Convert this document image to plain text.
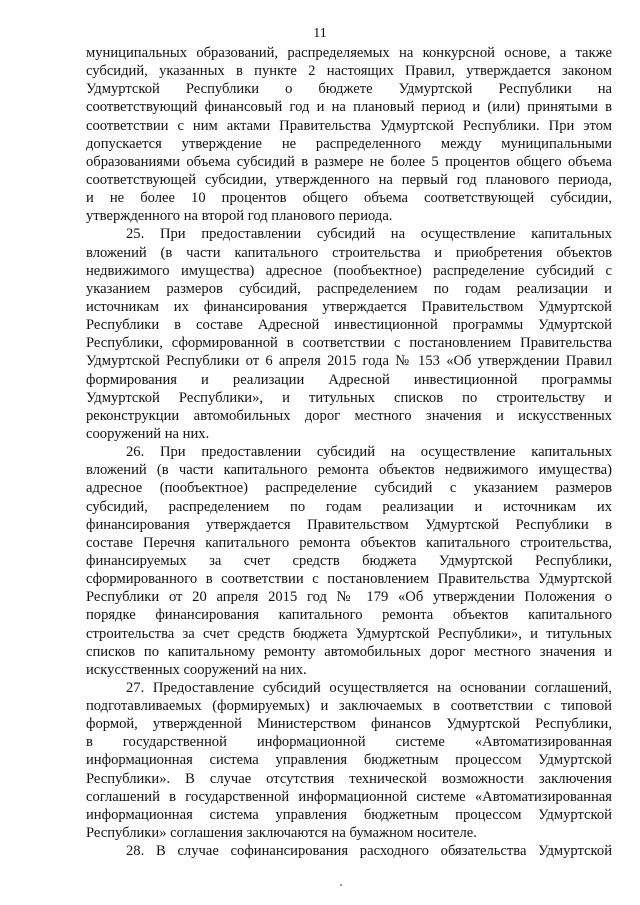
11
муниципальных образований, распределяемых на конкурсной основе, а также
субсидий, указанных в пункте 2 настоящих Правил, утверждается законом
Удмуртской Республики о бюджете Удмуртской Республики на
соответствующий финансовый год и на плановый период и (или) принятыми в
соответствии с ним актами Правительства Удмуртской Республики. При этом
допускается утверждение не распределенного между муниципальными
образованиями объема субсидий в размере не более 5 процентов общего объема
соответствующей субсидии, утвержденного на первый год планового периода,
и не более 10 процентов общего объема соответствующей субсидии,
утвержденного на второй год планового периода.
25. При предоставлении субсидий на осуществление капитальных
вложений (в части капитального строительства и приобретения объектов
недвижимого имущества) адресное (пообъектное) распределение субсидий с
указанием размеров субсидий, распределением по годам реализации и
источникам их финансирования утверждается Правительством Удмуртской
Республики в составе Адресной инвестиционной программы Удмуртской
Республики, сформированной в соответствии с постановлением Правительства
Удмуртской Республики от 6 апреля 2015 года № 153 «Об утверждении Правил
формирования и реализации Адресной инвестиционной программы
Удмуртской Республики», и титульных списков по строительству и
реконструкции автомобильных дорог местного значения и искусственных
сооружений на них.
26. При предоставлении субсидий на осуществление капитальных
вложений (в части капитального ремонта объектов недвижимого имущества)
адресное (пообъектное) распределение субсидий с указанием размеров
субсидий, распределением по годам реализации и источникам их
финансирования утверждается Правительством Удмуртской Республики в
составе Перечня капитального ремонта объектов капитального строительства,
финансируемых за счет средств бюджета Удмуртской Республики,
сформированного в соответствии с постановлением Правительства Удмуртской
Республики от 20 апреля 2015 год № 179 «Об утверждении Положения о
порядке финансирования капитального ремонта объектов капитального
строительства за счет средств бюджета Удмуртской Республики», и титульных
списков по капитальному ремонту автомобильных дорог местного значения и
искусственных сооружений на них.
27. Предоставление субсидий осуществляется на основании соглашений,
подготавливаемых (формируемых) и заключаемых в соответствии с типовой
формой, утвержденной Министерством финансов Удмуртской Республики,
в государственной информационной системе «Автоматизированная
информационная система управления бюджетным процессом Удмуртской
Республики». В случае отсутствия технической возможности заключения
соглашений в государственной информационной системе «Автоматизированная
информационная система управления бюджетным процессом Удмуртской
Республики» соглашения заключаются на бумажном носителе.
28. В случае софинансирования расходного обязательства Удмуртской
